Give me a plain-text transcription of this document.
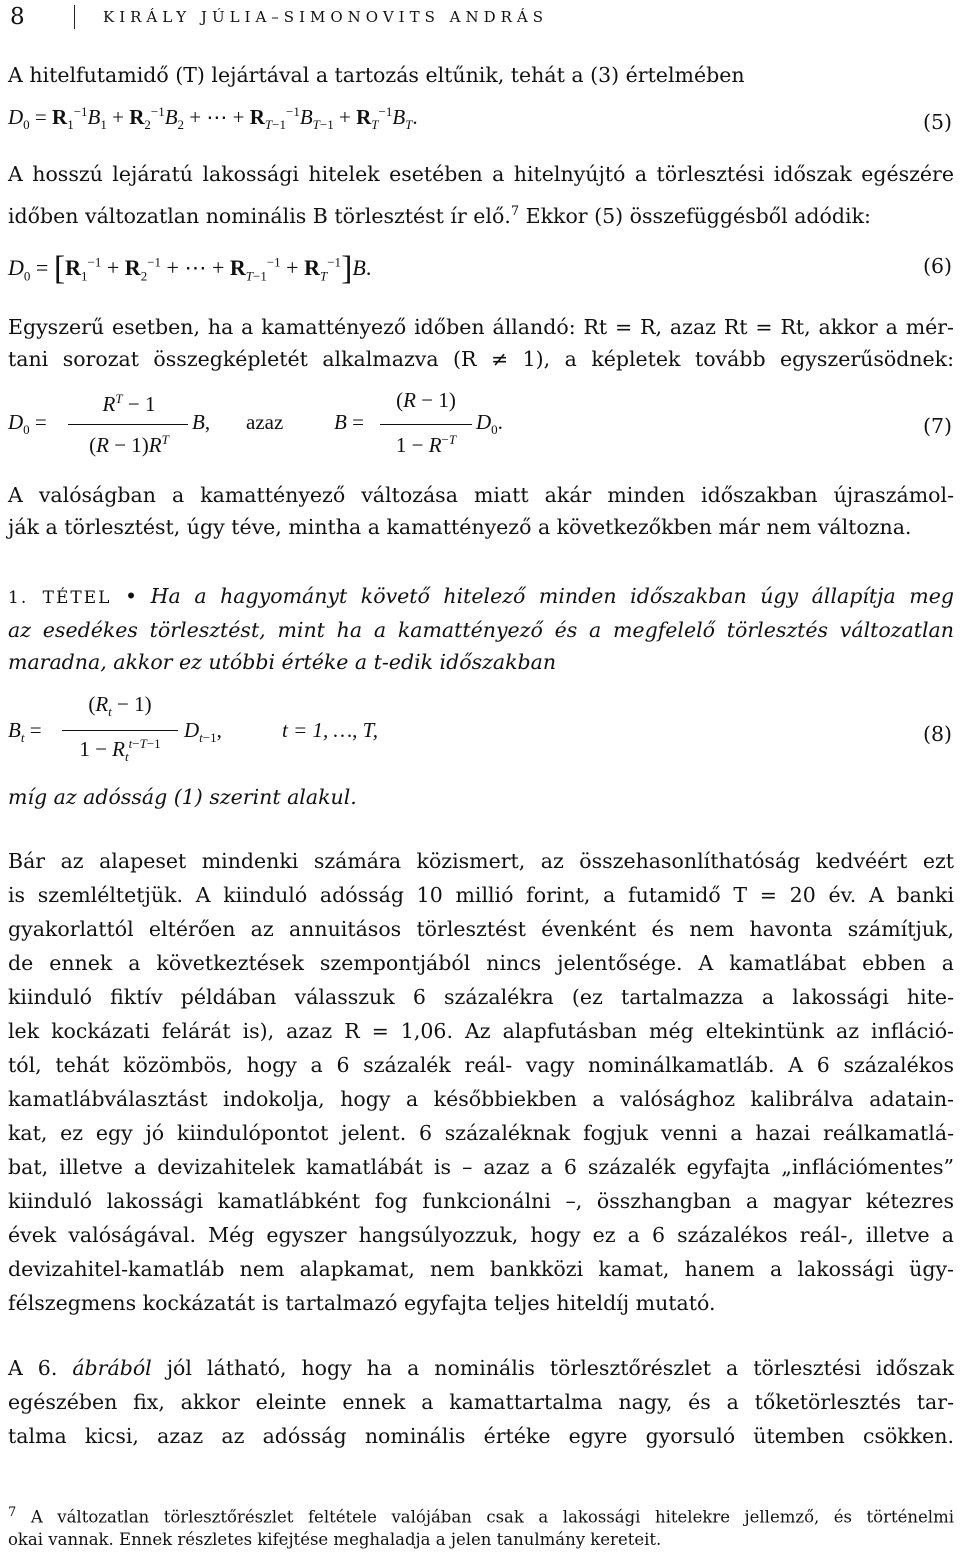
8	KIRÁLY JÚLIA–SIMONOVITS ANDRÁS
A hitelfutamidő (T) lejártával a tartozás eltűnik, tehát a (3) értelmében
$D_0 = R_1^{-1}B_1 + R_2^{-1}B_2$ + ⋯ + $R_{T-1}^{-1}B_{T-1} + R_T^{-1}B_T$.	(5)
A hosszú lejáratú lakossági hitelek esetében a hitelnyújtó a törlesztési időszak egészére
időben változatlan nominális B törlesztést ír elő.$^7$ Ekkor (5) összefüggésből adódik:
$D_0 = [R_1^{-1} + R_2^{-1}$ + ⋯ + $R_{T-1}^{-1} + R_T^{-1}]B$.	(6)
Egyszerű esetben, ha a kamattényező időben állandó: Rt = R, azaz Rt = Rt, akkor a mér-
tani sorozat összegképletét alkalmazva (R ≠ 1), a képletek tovább egyszerűsödnek:
$D_0$ =
$R^T - 1$
$(R - 1)R^T$
B, azaz B =
(R − 1)
$1 - R^{-T}$
$D_0$.	(7)
A valóságban a kamattényező változása miatt akár minden időszakban újraszámol-
ják a törlesztést, úgy téve, mintha a kamattényező a következőkben már nem változna.
1. TÉTEL • Ha a hagyományt követő hitelező minden időszakban úgy állapítja meg
az esedékes törlesztést, mint ha a kamattényező és a megfelelő törlesztés változatlan
maradna, akkor ez utóbbi értéke a t-edik időszakban
$B_t$ =
$(R_t - 1)$
$1 - R_t^{t-T-1}$
$D_{t-1}$,	t = 1, …, T,	(8)
míg az adósság (1) szerint alakul.
Bár az alapeset mindenki számára közismert, az összehasonlíthatóság kedvéért ezt
is szemléltetjük. A kiinduló adósság 10 millió forint, a futamidő T = 20 év. A banki
gyakorlattól eltérően az annuitásos törlesztést évenként és nem havonta számítjuk,
de ennek a következtések szempontjából nincs jelentősége. A kamatlábat ebben a
kiinduló fiktív példában válasszuk 6 százalékra (ez tartalmazza a lakossági hite-
lek kockázati felárát is), azaz R = 1,06. Az alapfutásban még eltekintünk az infláció-
tól, tehát közömbös, hogy a 6 százalék reál- vagy nominálkamatláb. A 6 százalékos
kamatlábválasztást indokolja, hogy a későbbiekben a valósághoz kalibrálva adatain-
kat, ez egy jó kiindulópontot jelent. 6 százaléknak fogjuk venni a hazai reálkamatlá-
bat, illetve a devizahitelek kamatlábát is – azaz a 6 százalék egyfajta „inflációmentes”
kiinduló lakossági kamatlábként fog funkcionálni –, összhangban a magyar kétezres
évek valóságával. Még egyszer hangsúlyozzuk, hogy ez a 6 százalékos reál-, illetve a
devizahitel-kamatláb nem alapkamat, nem bankközi kamat, hanem a lakossági ügy-
félszegmens kockázatát is tartalmazó egyfajta teljes hiteldíj mutató.
A 6. ábrából jól látható, hogy ha a nominális törlesztőrészlet a törlesztési időszak
egészében fix, akkor eleinte ennek a kamattartalma nagy, és a tőketörlesztés tar-
talma kicsi, azaz az adósság nominális értéke egyre gyorsuló ütemben csökken.
$^7$ A változatlan törlesztőrészlet feltétele valójában csak a lakossági hitelekre jellemző, és történelmi
okai vannak. Ennek részletes kifejtése meghaladja a jelen tanulmány kereteit.
